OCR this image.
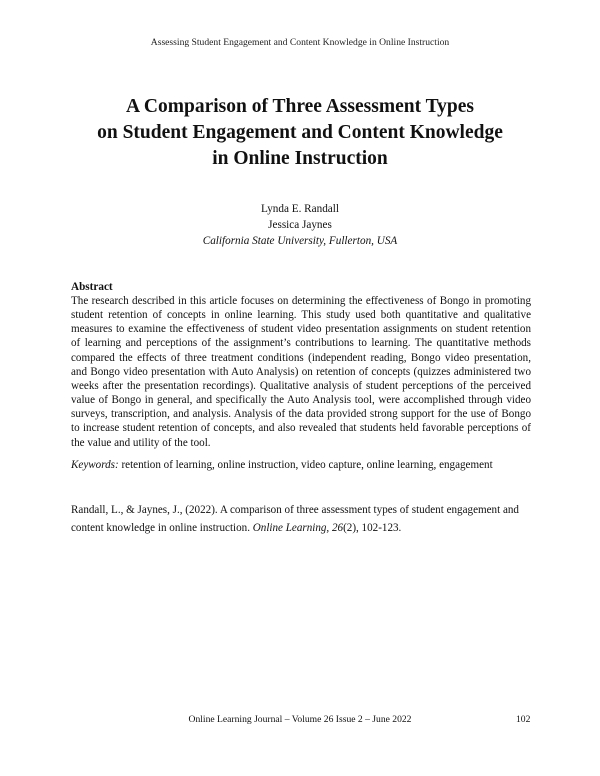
Assessing Student Engagement and Content Knowledge in Online Instruction
A Comparison of Three Assessment Types
on Student Engagement and Content Knowledge
in Online Instruction
Lynda E. Randall
Jessica Jaynes
California State University, Fullerton, USA
Abstract

The research described in this article focuses on determining the effectiveness of Bongo in promoting student retention of concepts in online learning. This study used both quantitative and qualitative measures to examine the effectiveness of student video presentation assignments on student retention of learning and perceptions of the assignment’s contributions to learning. The quantitative methods compared the effects of three treatment conditions (independent reading, Bongo video presentation, and Bongo video presentation with Auto Analysis) on retention of concepts (quizzes administered two weeks after the presentation recordings). Qualitative analysis of student perceptions of the perceived value of Bongo in general, and specifically the Auto Analysis tool, were accomplished through video surveys, transcription, and analysis. Analysis of the data provided strong support for the use of Bongo to increase student retention of concepts, and also revealed that students held favorable perceptions of the value and utility of the tool.

Keywords: retention of learning, online instruction, video capture, online learning, engagement

Randall, L., & Jaynes, J., (2022). A comparison of three assessment types of student engagement and content knowledge in online instruction. Online Learning, 26(2), 102-123.

Online Learning Journal – Volume 26 Issue 2 – June 2022	102
